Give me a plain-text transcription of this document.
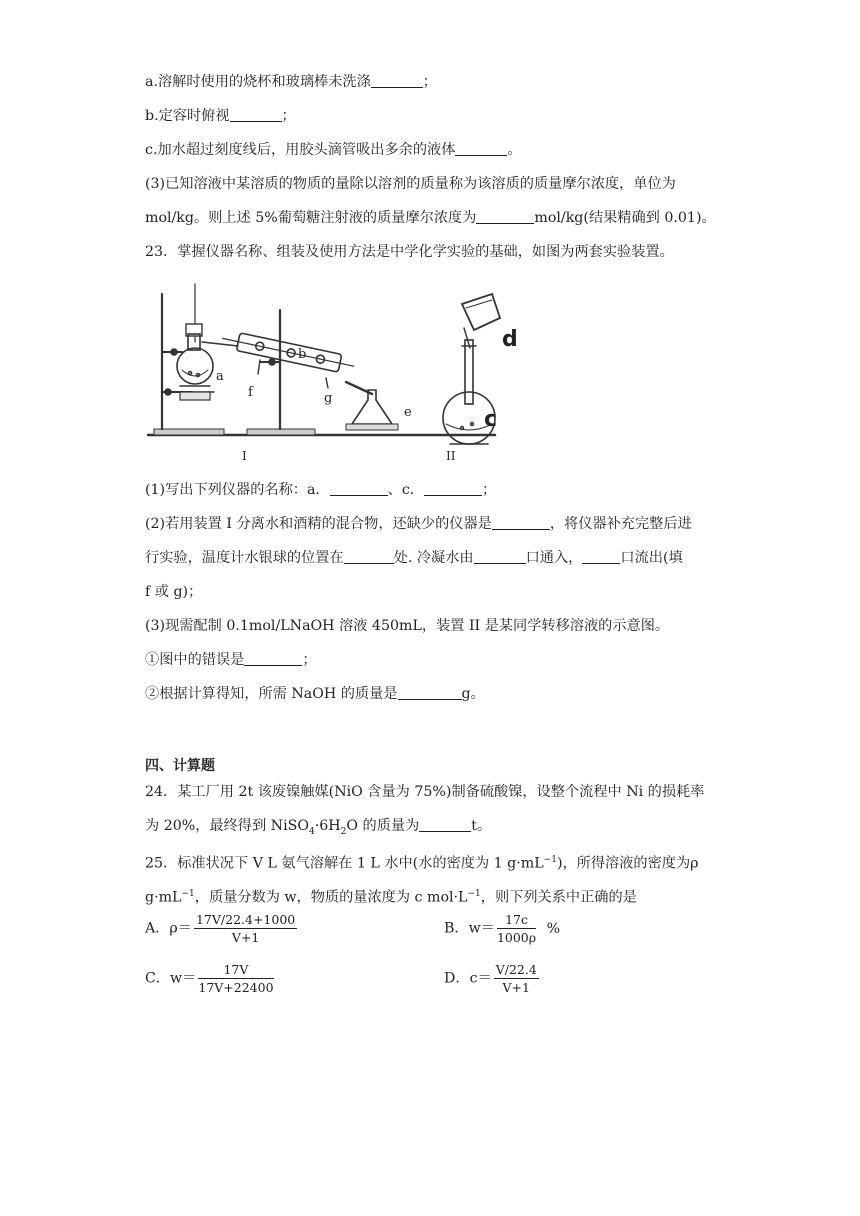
a.溶解时使用的烧杯和玻璃棒未洗涤	；
b.定容时俯视	；
c.加水超过刻度线后，用胶头滴管吸出多余的液体	。
(3)已知溶液中某溶质的物质的量除以溶剂的质量称为该溶质的质量摩尔浓度，单位为
mol/kg。则上述 5%葡萄糖注射液的质量摩尔浓度为	mol/kg(结果精确到 0.01)。
23．掌握仪器名称、组装及使用方法是中学化学实验的基础，如图为两套实验装置。
a
b
f	g
e
d
c
I	II
(1)写出下列仪器的名称：a．	、c．	；
(2)若用装置 I 分离水和酒精的混合物，还缺少的仪器是	，将仪器补充完整后进
行实验，温度计水银球的位置在	处. 冷凝水由	口通入，	口流出(填
f 或 g)；
(3)现需配制 0.1mol/LNaOH 溶液 450mL，装置 II 是某同学转移溶液的示意图。
①图中的错误是	；
②根据计算得知，所需 NaOH 的质量是	g。
四、计算题
24．某工厂用 2t 该废镍触媒(NiO 含量为 75%)制备硫酸镍，设整个流程中 Ni 的损耗率
为 20%，最终得到 $NiSO_4\cdot 6H_2O$ 的质量为	t。
25．标准状况下 V L 氨气溶解在 1 L 水中(水的密度为 1 $g\cdot mL^{-1}$)，所得溶液的密度为ρ
$g\cdot mL^{-1}$，质量分数为 w，物质的量浓度为 c $mol\cdot L^{-1}$，则下列关系中正确的是
A．$\rho= \frac{17V/22.4+1000}{V+1}$	B．$w= \frac{17c}{1000\rho}$ %
C．$w= \frac{17V}{17V+22400}$	D．$c= \frac{V/22.4}{V+1}$
